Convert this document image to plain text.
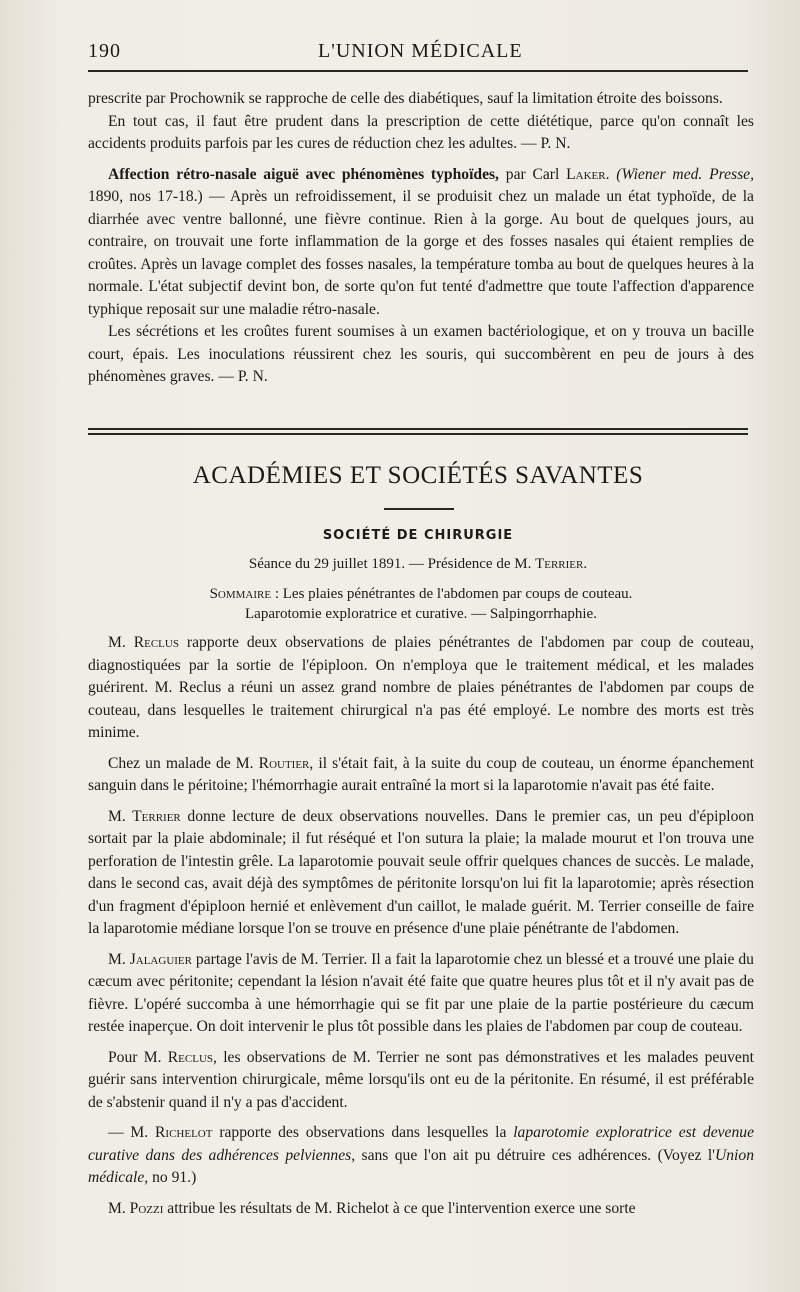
190	L'UNION MÉDICALE

prescrite par Prochownik se rapproche de celle des diabétiques, sauf la limitation étroite des boissons.

En tout cas, il faut être prudent dans la prescription de cette diététique, parce qu'on connaît les accidents produits parfois par les cures de réduction chez les adultes. — P. N.

Affection rétro-nasale aiguë avec phénomènes typhoïdes, par Carl Laker. (Wiener med. Presse, 1890, nos 17-18.) — Après un refroidissement, il se produisit chez un malade un état typhoïde, de la diarrhée avec ventre ballonné, une fièvre continue. Rien à la gorge. Au bout de quelques jours, au contraire, on trouvait une forte inflammation de la gorge et des fosses nasales qui étaient remplies de croûtes. Après un lavage complet des fosses nasales, la température tomba au bout de quelques heures à la normale. L'état subjectif devint bon, de sorte qu'on fut tenté d'admettre que toute l'affection d'apparence typhique reposait sur une maladie rétro-nasale.

Les sécrétions et les croûtes furent soumises à un examen bactériologique, et on y trouva un bacille court, épais. Les inoculations réussirent chez les souris, qui succombèrent en peu de jours à des phénomènes graves. — P. N.

ACADÉMIES ET SOCIÉTÉS SAVANTES
SOCIÉTÉ DE CHIRURGIE
Séance du 29 juillet 1891. — Présidence de M. Terrier.
Sommaire : Les plaies pénétrantes de l'abdomen par coups de couteau.
Laparotomie exploratrice et curative. — Salpingorrhaphie.

M. Reclus rapporte deux observations de plaies pénétrantes de l'abdomen par coup de couteau, diagnostiquées par la sortie de l'épiploon. On n'employa que le traitement médical, et les malades guérirent. M. Reclus a réuni un assez grand nombre de plaies pénétrantes de l'abdomen par coups de couteau, dans lesquelles le traitement chirurgical n'a pas été employé. Le nombre des morts est très minime.

Chez un malade de M. Routier, il s'était fait, à la suite du coup de couteau, un énorme épanchement sanguin dans le péritoine; l'hémorrhagie aurait entraîné la mort si la laparotomie n'avait pas été faite.

M. Terrier donne lecture de deux observations nouvelles. Dans le premier cas, un peu d'épiploon sortait par la plaie abdominale; il fut réséqué et l'on sutura la plaie; la malade mourut et l'on trouva une perforation de l'intestin grêle. La laparotomie pouvait seule offrir quelques chances de succès. Le malade, dans le second cas, avait déjà des symptômes de péritonite lorsqu'on lui fit la laparotomie; après résection d'un fragment d'épiploon hernié et enlèvement d'un caillot, le malade guérit. M. Terrier conseille de faire la laparotomie médiane lorsque l'on se trouve en présence d'une plaie pénétrante de l'abdomen.

M. Jalaguier partage l'avis de M. Terrier. Il a fait la laparotomie chez un blessé et a trouvé une plaie du cæcum avec péritonite; cependant la lésion n'avait été faite que quatre heures plus tôt et il n'y avait pas de fièvre. L'opéré succomba à une hémorrhagie qui se fit par une plaie de la partie postérieure du cæcum restée inaperçue. On doit intervenir le plus tôt possible dans les plaies de l'abdomen par coup de couteau.

Pour M. Reclus, les observations de M. Terrier ne sont pas démonstratives et les malades peuvent guérir sans intervention chirurgicale, même lorsqu'ils ont eu de la péritonite. En résumé, il est préférable de s'abstenir quand il n'y a pas d'accident.

— M. Richelot rapporte des observations dans lesquelles la laparotomie exploratrice est devenue curative dans des adhérences pelviennes, sans que l'on ait pu détruire ces adhérences. (Voyez l'Union médicale, no 91.)

M. Pozzi attribue les résultats de M. Richelot à ce que l'intervention exerce une sorte
